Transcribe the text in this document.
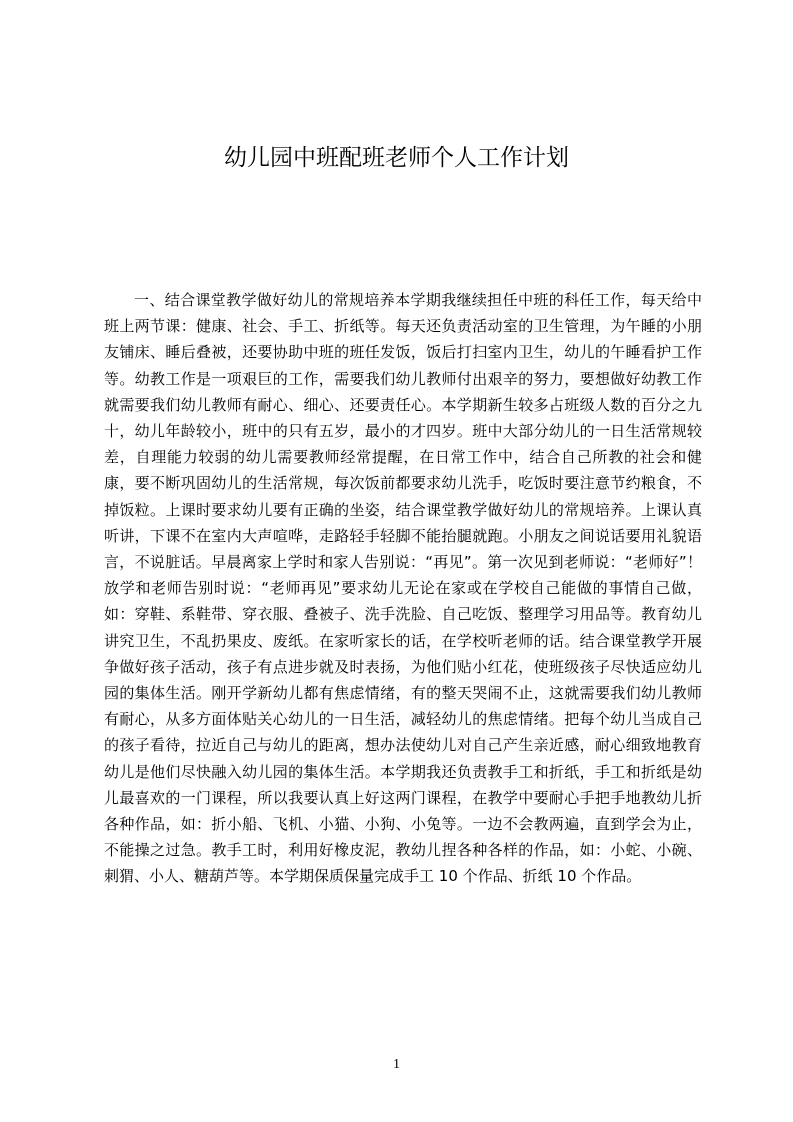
幼儿园中班配班老师个人工作计划

一、结合课堂教学做好幼儿的常规培养本学期我继续担任中班的科任工作，每天给中班上两节课：健康、社会、手工、折纸等。每天还负责活动室的卫生管理，为午睡的小朋友铺床、睡后叠被，还要协助中班的班任发饭，饭后打扫室内卫生，幼儿的午睡看护工作等。幼教工作是一项艰巨的工作，需要我们幼儿教师付出艰辛的努力，要想做好幼教工作就需要我们幼儿教师有耐心、细心、还要责任心。本学期新生较多占班级人数的百分之九十，幼儿年龄较小，班中的只有五岁，最小的才四岁。班中大部分幼儿的一日生活常规较差，自理能力较弱的幼儿需要教师经常提醒，在日常工作中，结合自己所教的社会和健康，要不断巩固幼儿的生活常规，每次饭前都要求幼儿洗手，吃饭时要注意节约粮食，不掉饭粒。上课时要求幼儿要有正确的坐姿，结合课堂教学做好幼儿的常规培养。上课认真听讲，下课不在室内大声喧哗，走路轻手轻脚不能抬腿就跑。小朋友之间说话要用礼貌语言，不说脏话。早晨离家上学时和家人告别说：“再见”。第一次见到老师说：“老师好”！放学和老师告别时说：“老师再见”要求幼儿无论在家或在学校自己能做的事情自己做，如：穿鞋、系鞋带、穿衣服、叠被子、洗手洗脸、自己吃饭、整理学习用品等。教育幼儿讲究卫生，不乱扔果皮、废纸。在家听家长的话，在学校听老师的话。结合课堂教学开展争做好孩子活动，孩子有点进步就及时表扬，为他们贴小红花，使班级孩子尽快适应幼儿园的集体生活。刚开学新幼儿都有焦虑情绪，有的整天哭闹不止，这就需要我们幼儿教师有耐心，从多方面体贴关心幼儿的一日生活，减轻幼儿的焦虑情绪。把每个幼儿当成自己的孩子看待，拉近自己与幼儿的距离，想办法使幼儿对自己产生亲近感，耐心细致地教育幼儿是他们尽快融入幼儿园的集体生活。本学期我还负责教手工和折纸，手工和折纸是幼儿最喜欢的一门课程，所以我要认真上好这两门课程，在教学中要耐心手把手地教幼儿折各种作品，如：折小船、飞机、小猫、小狗、小兔等。一边不会教两遍，直到学会为止，不能操之过急。教手工时，利用好橡皮泥，教幼儿捏各种各样的作品，如：小蛇、小碗、刺猬、小人、糖葫芦等。本学期保质保量完成手工 10 个作品、折纸 10 个作品。

1
